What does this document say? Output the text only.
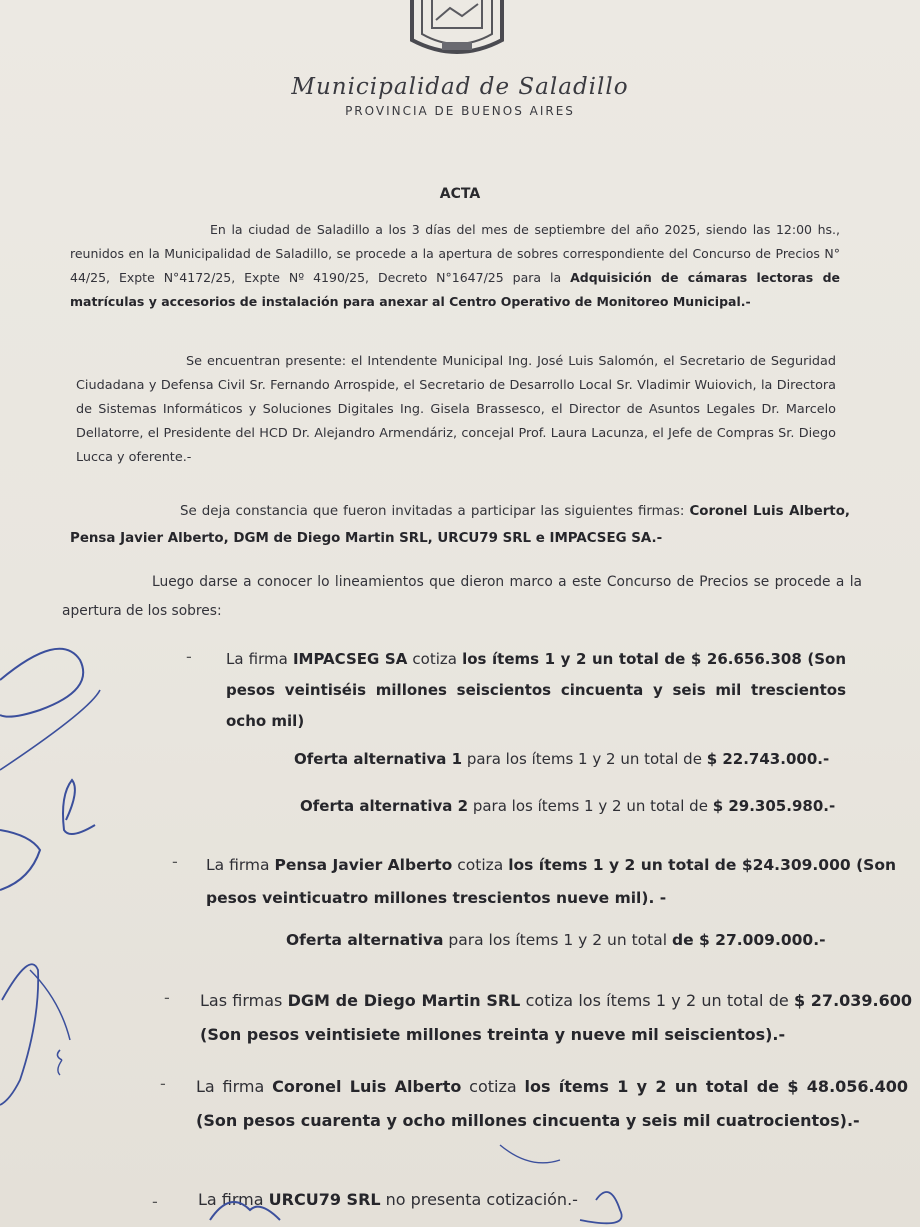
Municipalidad de Saladillo
PROVINCIA DE BUENOS AIRES
ACTA
En la ciudad de Saladillo a los 3 días del mes de septiembre del año 2025, siendo las 12:00 hs., reunidos en la Municipalidad de Saladillo, se procede a la apertura de sobres correspondiente del Concurso de Precios N° 44/25, Expte N°4172/25, Expte Nº 4190/25, Decreto N°1647/25 para la Adquisición de cámaras lectoras de matrículas y accesorios de instalación para anexar al Centro Operativo de Monitoreo Municipal.-
Se encuentran presente: el Intendente Municipal Ing. José Luis Salomón, el Secretario de Seguridad Ciudadana y Defensa Civil Sr. Fernando Arrospide, el Secretario de Desarrollo Local Sr. Vladimir Wuiovich, la Directora de Sistemas Informáticos y Soluciones Digitales Ing. Gisela Brassesco, el Director de Asuntos Legales Dr. Marcelo Dellatorre, el Presidente del HCD Dr. Alejandro Armendáriz, concejal Prof. Laura Lacunza, el Jefe de Compras Sr. Diego Lucca y oferente.-
Se deja constancia que fueron invitadas a participar las siguientes firmas: Coronel Luis Alberto, Pensa Javier Alberto, DGM de Diego Martin SRL, URCU79 SRL e IMPACSEG SA.-
Luego darse a conocer lo lineamientos que dieron marco a este Concurso de Precios se procede a la apertura de los sobres:
- La firma IMPACSEG SA cotiza los ítems 1 y 2 un total de $ 26.656.308 (Son pesos veintiséis millones seiscientos cincuenta y seis mil trescientos ocho mil)
Oferta alternativa 1 para los ítems 1 y 2 un total de $ 22.743.000.-
Oferta alternativa 2 para los ítems 1 y 2 un total de $ 29.305.980.-
- La firma Pensa Javier Alberto cotiza los ítems 1 y 2 un total de $24.309.000 (Son pesos veinticuatro millones trescientos nueve mil). -
Oferta alternativa para los ítems 1 y 2 un total de $ 27.009.000.-
- Las firmas DGM de Diego Martin SRL cotiza los ítems 1 y 2 un total de $ 27.039.600 (Son pesos veintisiete millones treinta y nueve mil seiscientos).-
- La firma Coronel Luis Alberto cotiza los ítems 1 y 2 un total de $ 48.056.400 (Son pesos cuarenta y ocho millones cincuenta y seis mil cuatrocientos).-
-	La firma URCU79 SRL no presenta cotización.-
